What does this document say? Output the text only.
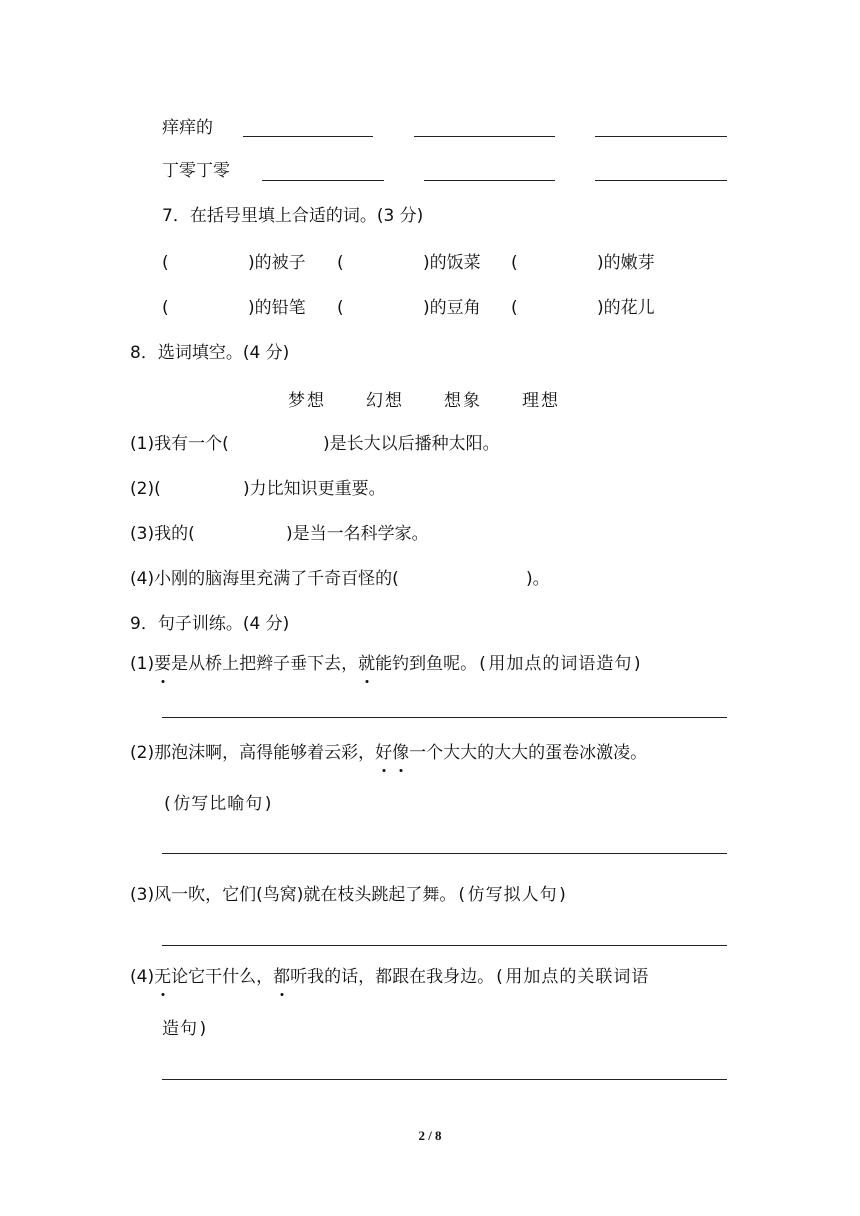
痒痒的
丁零丁零
7．在括号里填上合适的词。(3 分)
(	)的被子 (	)的饭菜 (	)的嫩芽
(	)的铅笔 (	)的豆角 (	)的花儿
8．选词填空。(4 分)
梦想 幻想 想象 理想
(1)我有一个(	)是长大以后播种太阳。
(2)(	)力比知识更重要。
(3)我的(	)是当一名科学家。
(4)小刚的脑海里充满了千奇百怪的(	)。
9．句子训练。(4 分)
(1)要是从桥上把辫子垂下去，就能钓到鱼呢。(用加点的词语造句)
(2)那泡沫啊，高得能够着云彩，好像一个大大的大大的蛋卷冰激凌。
(仿写比喻句)
(3)风一吹，它们(鸟窝)就在枝头跳起了舞。(仿写拟人句)
(4)无论它干什么，都听我的话，都跟在我身边。(用加点的关联词语
造句)
2 / 8
